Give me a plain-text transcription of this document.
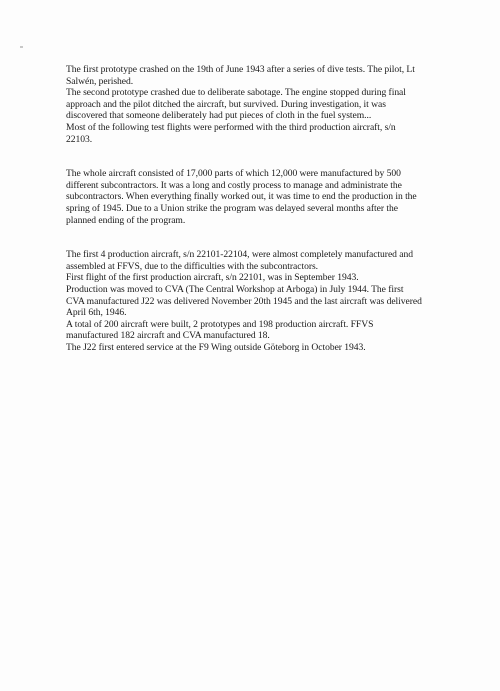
The first prototype crashed on the 19th of June 1943 after a series of dive tests. The pilot, Lt
Salwén, perished.
The second prototype crashed due to deliberate sabotage. The engine stopped during final
approach and the pilot ditched the aircraft, but survived. During investigation, it was
discovered that someone deliberately had put pieces of cloth in the fuel system...
Most of the following test flights were performed with the third production aircraft, s/n
22103.
The whole aircraft consisted of 17,000 parts of which 12,000 were manufactured by 500
different subcontractors. It was a long and costly process to manage and administrate the
subcontractors. When everything finally worked out, it was time to end the production in the
spring of 1945. Due to a Union strike the program was delayed several months after the
planned ending of the program.
The first 4 production aircraft, s/n 22101-22104, were almost completely manufactured and
assembled at FFVS, due to the difficulties with the subcontractors.
First flight of the first production aircraft, s/n 22101, was in September 1943.
Production was moved to CVA (The Central Workshop at Arboga) in July 1944. The first
CVA manufactured J22 was delivered November 20th 1945 and the last aircraft was delivered
April 6th, 1946.
A total of 200 aircraft were built, 2 prototypes and 198 production aircraft. FFVS
manufactured 182 aircraft and CVA manufactured 18.
The J22 first entered service at the F9 Wing outside Göteborg in October 1943.
